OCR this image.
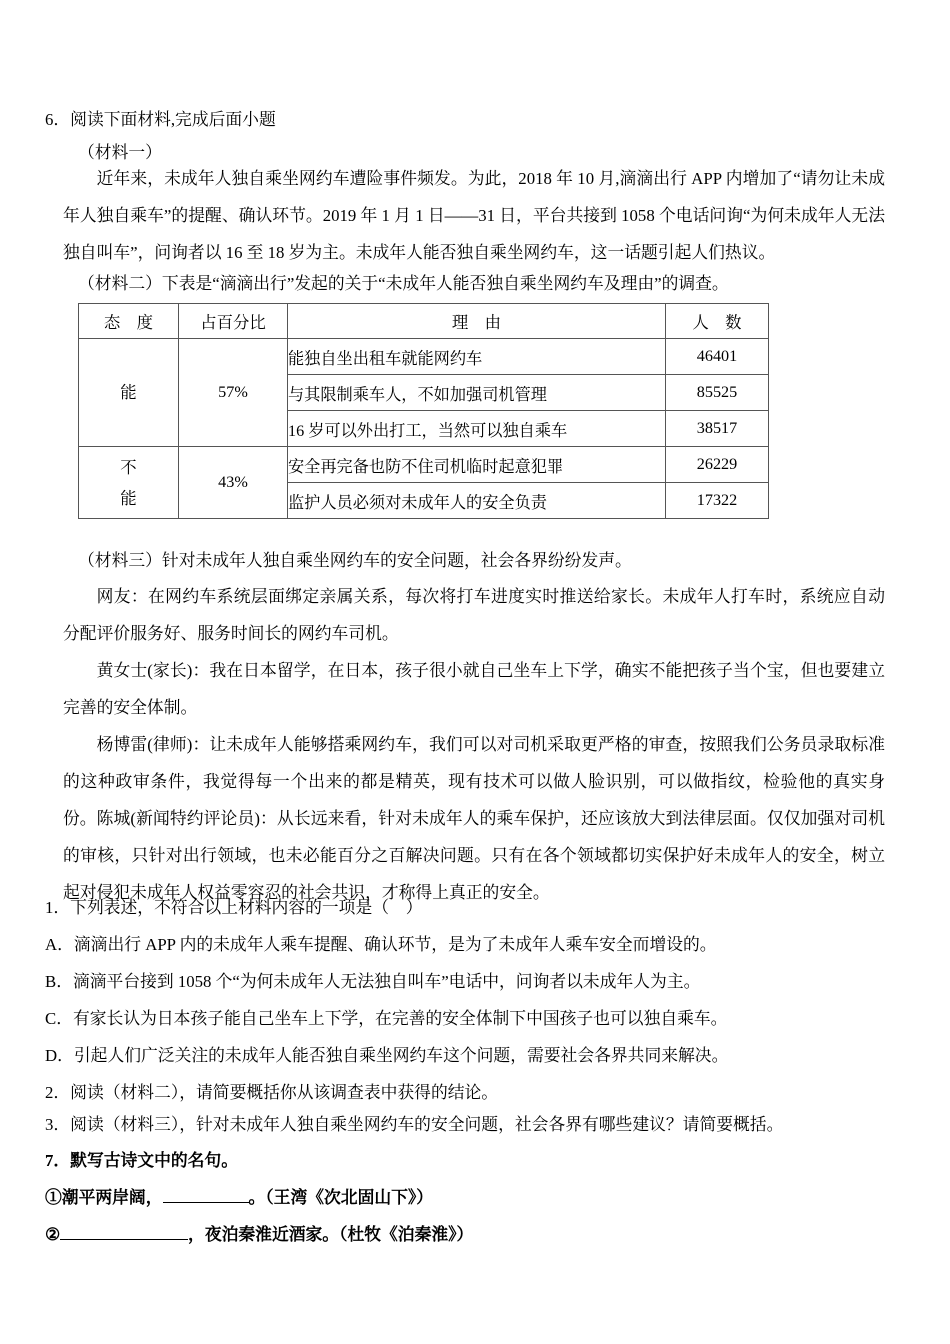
6．阅读下面材料,完成后面小题
（材料一）
近年来，未成年人独自乘坐网约车遭险事件频发。为此，2018 年 10 月,滴滴出行 APP 内增加了“请勿让未成年人独自乘车”的提醒、确认环节。2019 年 1 月 1 日——31 日，平台共接到 1058 个电话问询“为何未成年人无法独自叫车”，问询者以 16 至 18 岁为主。未成年人能否独自乘坐网约车，这一话题引起人们热议。
（材料二）下表是“滴滴出行”发起的关于“未成年人能否独自乘坐网约车及理由”的调查。
态　度	占百分比	理　由	人　数
能	57%	能独自坐出租车就能网约车	46401
		与其限制乘车人，不如加强司机管理	85525
		16 岁可以外出打工，当然可以独自乘车	38517

不
能	43%	安全再完备也防不住司机临时起意犯罪	26229
		监护人员必须对未成年人的安全负责	17322
（材料三）针对未成年人独自乘坐网约车的安全问题，社会各界纷纷发声。
网友：在网约车系统层面绑定亲属关系，每次将打车进度实时推送给家长。未成年人打车时，系统应自动分配评价服务好、服务时间长的网约车司机。
黄女士(家长)：我在日本留学，在日本，孩子很小就自己坐车上下学，确实不能把孩子当个宝，但也要建立完善的安全体制。
杨博雷(律师)：让未成年人能够搭乘网约车，我们可以对司机采取更严格的审查，按照我们公务员录取标准的这种政审条件，我觉得每一个出来的都是精英，现有技术可以做人脸识别，可以做指纹，检验他的真实身份。 陈城(新闻特约评论员)：从长远来看，针对未成年人的乘车保护，还应该放大到法律层面。仅仅加强对司机的审核，只针对出行领域，也未必能百分之百解决问题。只有在各个领域都切实保护好未成年人的安全，树立起对侵犯未成年人权益零容忍的社会共识，才称得上真正的安全。
1．下列表述，不符合以上材料内容的一项是（　）
A．滴滴出行 APP 内的未成年人乘车提醒、确认环节，是为了未成年人乘车安全而增设的。
B．滴滴平台接到 1058 个“为何未成年人无法独自叫车”电话中，问询者以未成年人为主。
C．有家长认为日本孩子能自己坐车上下学，在完善的安全体制下中国孩子也可以独自乘车。
D．引起人们广泛关注的未成年人能否独自乘坐网约车这个问题，需要社会各界共同来解决。
2．阅读（材料二），请简要概括你从该调查表中获得的结论。
3．阅读（材料三），针对未成年人独自乘坐网约车的安全问题，社会各界有哪些建议？请简要概括。
7．默写古诗文中的名句。
①潮平两岸阔，	。（王湾《次北固山下》）
②	，夜泊秦淮近酒家。（杜牧《泊秦淮》）
